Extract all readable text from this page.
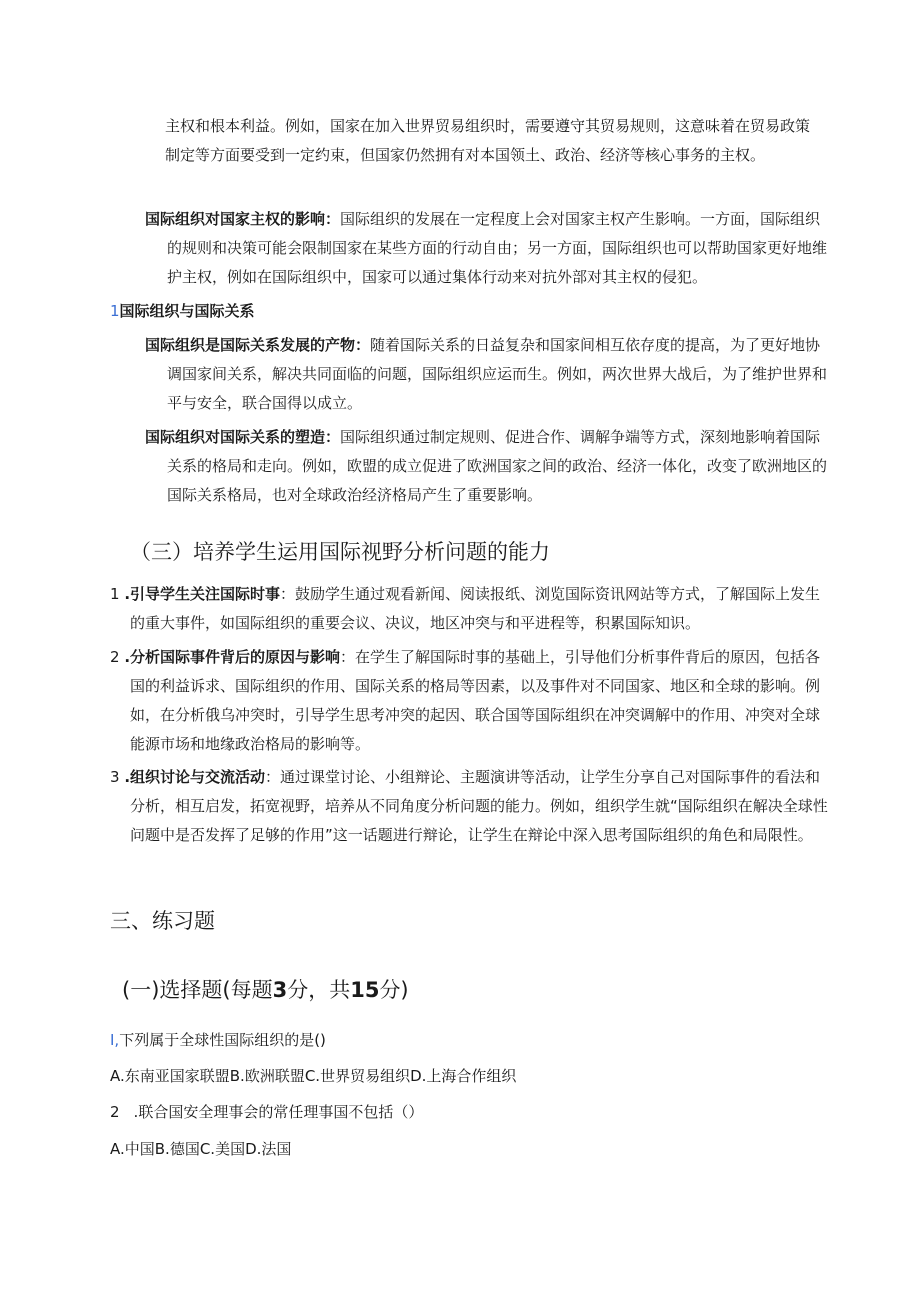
主权和根本利益。例如，国家在加入世界贸易组织时，需要遵守其贸易规则，这意味着在贸易政策制定等方面要受到一定约束，但国家仍然拥有对本国领土、政治、经济等核心事务的主权。

国际组织对国家主权的影响：国际组织的发展在一定程度上会对国家主权产生影响。一方面，国际组织的规则和决策可能会限制国家在某些方面的行动自由；另一方面，国际组织也可以帮助国家更好地维护主权，例如在国际组织中，国家可以通过集体行动来对抗外部对其主权的侵犯。

1国际组织与国际关系

国际组织是国际关系发展的产物：随着国际关系的日益复杂和国家间相互依存度的提高，为了更好地协调国家间关系，解决共同面临的问题，国际组织应运而生。例如，两次世界大战后，为了维护世界和平与安全，联合国得以成立。

国际组织对国际关系的塑造：国际组织通过制定规则、促进合作、调解争端等方式，深刻地影响着国际关系的格局和走向。例如，欧盟的成立促进了欧洲国家之间的政治、经济一体化，改变了欧洲地区的国际关系格局，也对全球政治经济格局产生了重要影响。

（三）培养学生运用国际视野分析问题的能力

1 .引导学生关注国际时事：鼓励学生通过观看新闻、阅读报纸、浏览国际资讯网站等方式，了解国际上发生的重大事件，如国际组织的重要会议、决议，地区冲突与和平进程等，积累国际知识。

2 .分析国际事件背后的原因与影响：在学生了解国际时事的基础上，引导他们分析事件背后的原因，包括各国的利益诉求、国际组织的作用、国际关系的格局等因素，以及事件对不同国家、地区和全球的影响。例如，在分析俄乌冲突时，引导学生思考冲突的起因、联合国等国际组织在冲突调解中的作用、冲突对全球能源市场和地缘政治格局的影响等。

3 .组织讨论与交流活动：通过课堂讨论、小组辩论、主题演讲等活动，让学生分享自己对国际事件的看法和分析，相互启发，拓宽视野，培养从不同角度分析问题的能力。例如，组织学生就“国际组织在解决全球性问题中是否发挥了足够的作用”这一话题进行辩论，让学生在辩论中深入思考国际组织的角色和局限性。

三、练习题
(一)选择题(每题3分，共15分)

I,下列属于全球性国际组织的是()

A.东南亚国家联盟B.欧洲联盟C.世界贸易组织D.上海合作组织

2 .联合国安全理事会的常任理事国不包括（）

A.中国B.德国C.美国D.法国
